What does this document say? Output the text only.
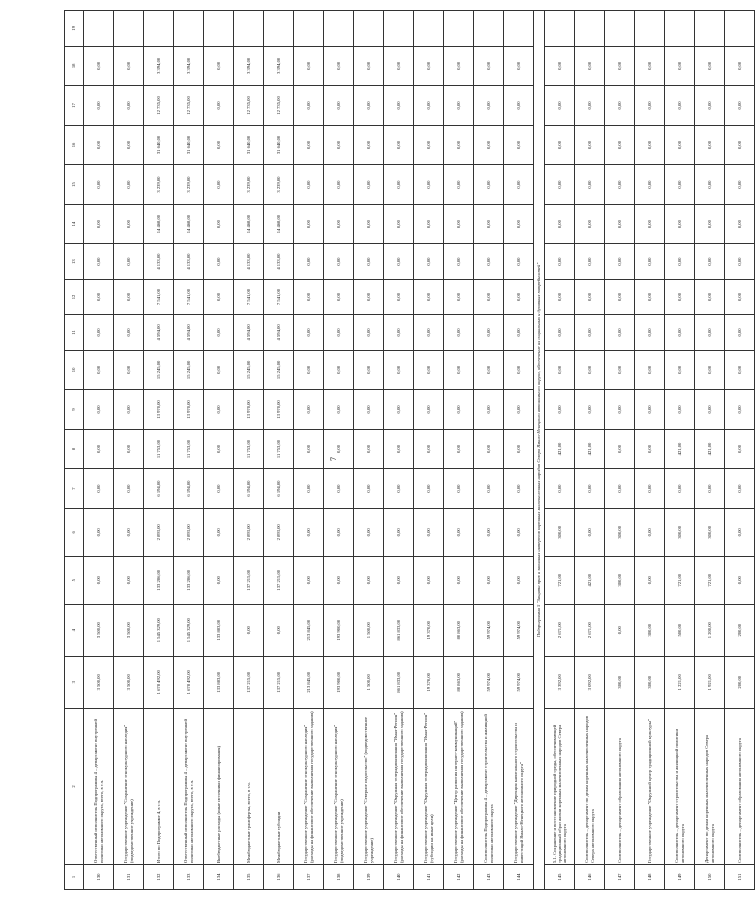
7
1	2	3	4	5	6	7	8	9	10	11	12	13	14	15	16	17	18	19
130	Ответственный исполнитель Подпрограммы 4 – департамент внутренней политики автономного округа, всего, в т.ч.	3 500,00	3 500,00	0,00	0,00	0,00	0,00	0,00	0,00	0,00	0,00	0,00	0,00	0,00	0,00	0,00	0,00	
131	Государственное учреждение "Сохранение этнокультурного наследия" (подведомственное учреждение)	3 500,00	3 500,00	0,00	0,00	0,00	0,00	0,00	0,00	0,00	0,00	0,00	0,00	0,00	0,00	0,00	0,00	
132	Итого по Подпрограмме 4, в т.ч.	1 678 492,00	1 545 329,00	133 286,00	2 893,00	6 194,00	11 753,00	13 970,00	15 245,00	4 594,00	7 541,00	4 133,00	14 468,00	3 239,00	31 640,00	12 735,00	3 394,00	
133	Ответственный исполнитель Подпрограммы 4 – департамент внутренней политики автономного округа, всего, в т.ч.	1 678 492,00	1 545 329,00	133 286,00	2 893,00	6 194,00	11 753,00	13 970,00	15 245,00	4 594,00	7 541,00	4 133,00	14 468,00	3 239,00	31 640,00	12 735,00	3 394,00	
134	Внебюджетные расходы (иные источники финансирования)	133 883,00	133 883,00	0,00	0,00	0,00	0,00	0,00	0,00	0,00	0,00	0,00	0,00	0,00	0,00	0,00	0,00	
135	Межбюджетные трансферты, всего, в т.ч.	137 215,00	0,00	137 215,00	2 893,00	6 194,00	11 753,00	13 970,00	15 245,00	4 594,00	7 541,00	4 133,00	14 468,00	3 239,00	31 640,00	12 735,00	3 394,00	
136	Межбюджетные субсидии	137 215,00	0,00	137 215,00	2 893,00	6 194,00	11 753,00	13 970,00	15 245,00	4 594,00	7 541,00	4 133,00	14 468,00	3 239,00	31 640,00	12 735,00	3 394,00	
137	Государственное учреждение "Сохранение этнокультурного наследия" (расходы на финансовое обеспечение выполнения государственного задания)	213 845,00	213 845,00	0,00	0,00	0,00	0,00	0,00	0,00	0,00	0,00	0,00	0,00	0,00	0,00	0,00	0,00	
138	Государственное учреждение "Сохранение этнокультурного наследия" (подведомственное учреждение)	193 900,00	193 900,00	0,00	0,00	0,00	0,00	0,00	0,00	0,00	0,00	0,00	0,00	0,00	0,00	0,00	0,00	
139	Государственное учреждение "Северное издательство" (подведомственное учреждение)	1 500,00	1 500,00	0,00	0,00	0,00	0,00	0,00	0,00	0,00	0,00	0,00	0,00	0,00	0,00	0,00	0,00	
140	Государственное учреждение "Окружная телерадиокомпания "Ямал-Регион" (расходы на финансовое обеспечение выполнения государственного задания)	861 833,00	861 833,00	0,00	0,00	0,00	0,00	0,00	0,00	0,00	0,00	0,00	0,00	0,00	0,00	0,00	0,00	
141	Государственное учреждение "Окружная телерадиокомпания "Ямал-Регион" (субсидии на иные цели)	19 370,00	19 370,00	0,00	0,00	0,00	0,00	0,00	0,00	0,00	0,00	0,00	0,00	0,00	0,00	0,00	0,00	
142	Государственное учреждение "Центр развития интернет-коммуникаций" (расходы на финансовое обеспечение выполнения государственного задания)	80 863,00	80 863,00	0,00	0,00	0,00	0,00	0,00	0,00	0,00	0,00	0,00	0,00	0,00	0,00	0,00	0,00	
143	Соисполнитель Подпрограммы 4 – департамент строительства и жилищной политики автономного округа	59 974,00	59 974,00	0,00	0,00	0,00	0,00	0,00	0,00	0,00	0,00	0,00	0,00	0,00	0,00	0,00	0,00	
144	Государственное учреждение "Дирекция капитального строительства и инвестиций Ямало-Ненецкого автономного округа"	59 974,00	59 974,00	0,00	0,00	0,00	0,00	0,00	0,00	0,00	0,00	0,00	0,00	0,00	0,00	0,00	0,00	
Подпрограмма 5 "Защита прав и законных интересов коренных малочисленных народов Севера Ямало-Ненецкого автономного округа, обеспечение их социальных и духовных потребностей"																		
145	5.1. Сохранение и восстановление природной среды, обеспечивающей традиционный образ жизни коренных малочисленных народов Севера автономного округа	3 392,00	2 671,00	721,00	300,00	0,00	421,00	0,00	0,00	0,00	0,00	0,00	0,00	0,00	0,00	0,00	0,00	
146	Соисполнитель – департамент по делам коренных малочисленных народов Севера автономного округа	3 092,00	2 671,00	421,00	0,00	0,00	421,00	0,00	0,00	0,00	0,00	0,00	0,00	0,00	0,00	0,00	0,00	
147	Соисполнитель – департамент образования автономного округа	300,00	0,00	300,00	300,00	0,00	0,00	0,00	0,00	0,00	0,00	0,00	0,00	0,00	0,00	0,00	0,00	
148	Государственное учреждение "Окружной центр традиционной культуры"	300,00	300,00	0,00	0,00	0,00	0,00	0,00	0,00	0,00	0,00	0,00	0,00	0,00	0,00	0,00	0,00	
149	Соисполнитель – департамент строительства и жилищной политики автономного округа	1 221,00	500,00	721,00	300,00	0,00	421,00	0,00	0,00	0,00	0,00	0,00	0,00	0,00	0,00	0,00	0,00	
150	Департамент по делам коренных малочисленных народов Севера автономного округа	1 921,00	1 200,00	721,00	300,00	0,00	421,00	0,00	0,00	0,00	0,00	0,00	0,00	0,00	0,00	0,00	0,00	
151	Соисполнитель – департамент образования автономного округа	200,00	200,00	0,00	0,00	0,00	0,00	0,00	0,00	0,00	0,00	0,00	0,00	0,00	0,00	0,00	0,00	
